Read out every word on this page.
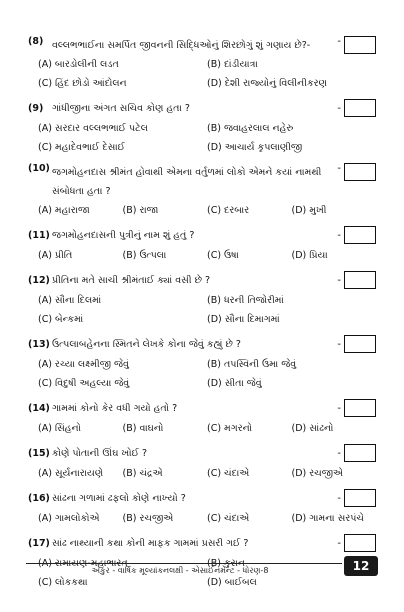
(8) વલ્લભભાઈના સમર્પિત જીવનની સિદ્ધિઓનું શિરછોગું શું ગણાય છે?-	-
(A) બારડોલીની લડત	(B) દાંડીયાત્રા
(C) હિંદ છોડો આંદોલન	(D) દેશી રાજ્યોનું વિલીનીકરણ
(9) ગાંધીજીના અંગત સચિવ કોણ હતા ?	-
(A) સરદાર વલ્લભભાઈ પટેલ	(B) જવાહરલાલ નહેરુ
(C) મહાદેવભાઈ દેસાઈ	(D) આચાર્ય કૃપલાણીજી
(10) જગમોહનદાસ શ્રીમંત હોવાથી એમના વર્તુળમાં લોકો એમને કયાં નામથી સંબોધતા હતા ?
-
(A) મહારાજા	(B) રાજા	(C) દરબાર	(D) મુખી
(11) જગમોહનદાસની પુત્રીનું નામ શું હતું ?	-
(A) પ્રીતિ	(B) ઉત્પલા	(C) ઉષા	(D) પ્રિયા
(12) પ્રીતિના મતે સાચી શ્રીમંતાઈ ક્યાં વસી છે ?	-
(A) સૌના દિલમાં	(B) ધરની તિજોરીમાં
(C) બેન્કમાં	(D) સૌના દિમાગમાં
(13) ઉત્પલાબહેનના સ્મિતને લેખકે કોના જેવું કહ્યું છે ?	-
(A) રચ્યા લક્ષ્મીજી જેવું	(B) તપસ્વિની ઉમા જેવું
(C) વિદુષી અહલ્યા જેવું	(D) સીતા જેવું
(14) ગામમાં કોનો કેર વધી ગયો હતો ?	-
(A) સિંહનો	(B) વાઘનો	(C) મગરનો	(D) સાંઢનો
(15) કોણે પોતાની ઊંઘ ખોઈ ?	-
(A) સૂર્યનારાયણે	(B) ચંદ્રએ	(C) ચંદાએ	(D) રચજીએ
(16) સાંઢના ગળામાં ઢફલો કોણે નાખ્યો ?	-
(A) ગામલોકોએ	(B) રચજીએ	(C) ચંદાએ	(D) ગામના સરપંચે
(17) સાંઢ નાથ્યાની કથા કોની માફક ગામમાં પ્રસરી ગઈ ?	-
(A) રામાયણ-મહાભારત	(B) કુરાન
(C) લોકકથા	(D) બાઈબલ
અંકુર - વાર્ષિક મૂલ્યાંકનલક્ષી - એસાઈનમેન્ટ - ધોરણ-8	12
